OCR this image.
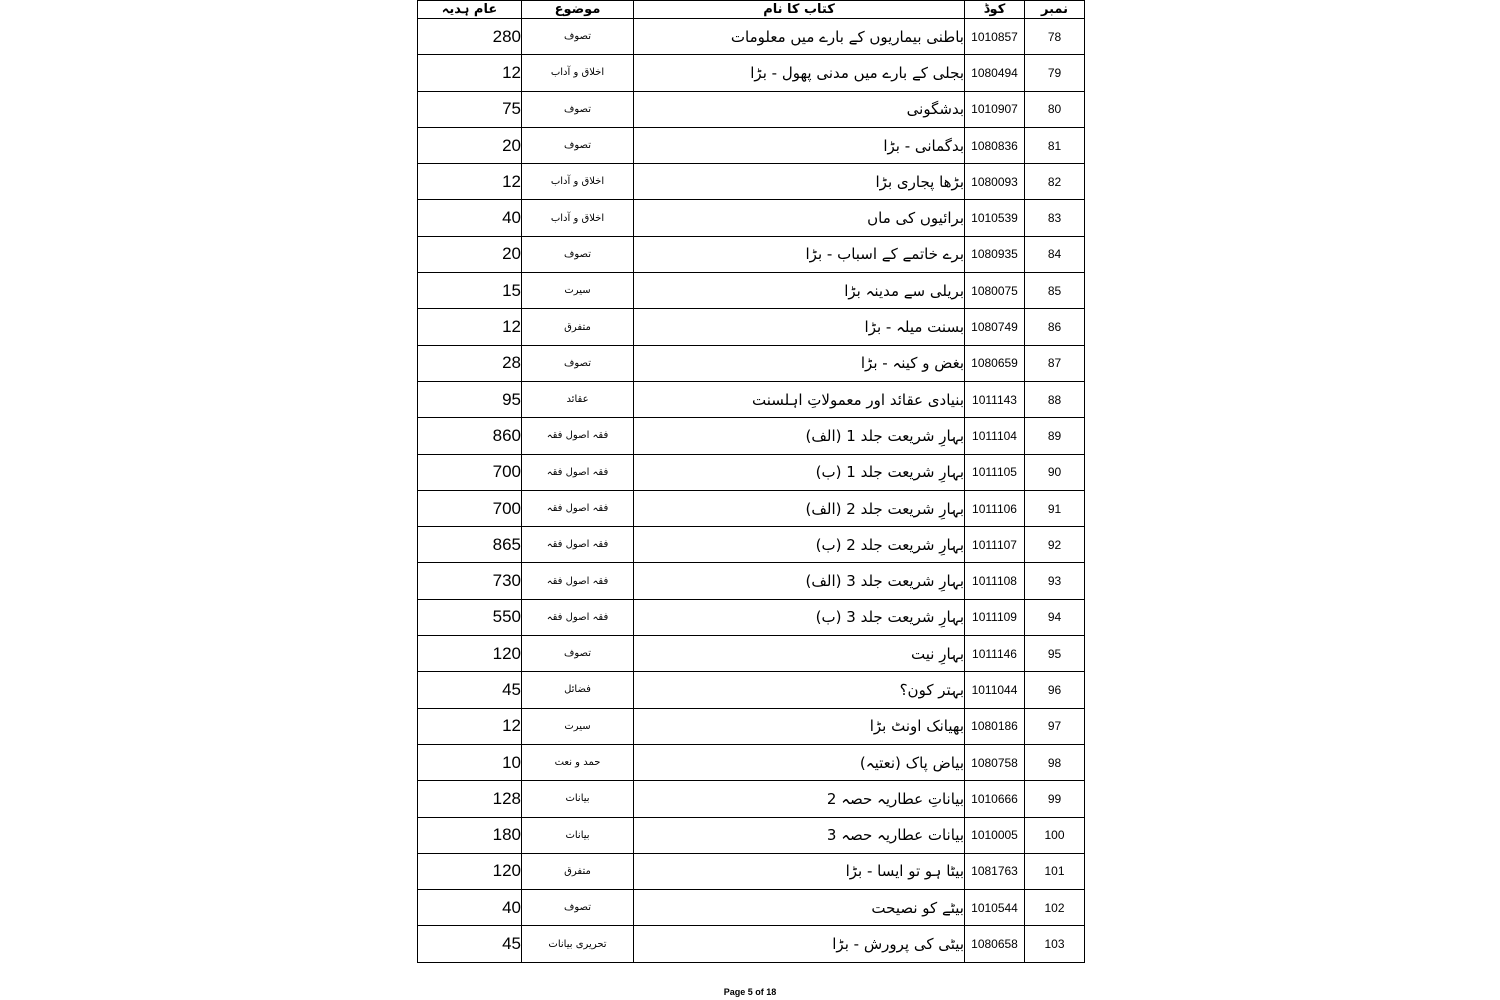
عام ہدیہ	موضوع	کتاب کا نام	کوڈ	نمبر
280	تصوف	باطنی بیماریوں کے بارے میں معلومات	1010857	78
12	اخلاق و آداب	بجلی کے بارے میں مدنی پھول - بڑا	1080494	79
75	تصوف	بدشگونی	1010907	80
20	تصوف	بدگمانی - بڑا	1080836	81
12	اخلاق و آداب	بڑھا پجاری بڑا	1080093	82
40	اخلاق و آداب	برائیوں کی ماں	1010539	83
20	تصوف	برے خاتمے کے اسباب - بڑا	1080935	84
15	سیرت	بریلی سے مدینہ بڑا	1080075	85
12	متفرق	بسنت میلہ - بڑا	1080749	86
28	تصوف	بغض و کینہ - بڑا	1080659	87
95	عقائد	بنیادی عقائد اور معمولاتِ اہلسنت	1011143	88
860	فقہ اصول فقہ	بہارِ شریعت جلد 1 (الف)	1011104	89
700	فقہ اصول فقہ	بہارِ شریعت جلد 1 (ب)	1011105	90
700	فقہ اصول فقہ	بہارِ شریعت جلد 2 (الف)	1011106	91
865	فقہ اصول فقہ	بہارِ شریعت جلد 2 (ب)	1011107	92
730	فقہ اصول فقہ	بہارِ شریعت جلد 3 (الف)	1011108	93
550	فقہ اصول فقہ	بہارِ شریعت جلد 3 (ب)	1011109	94
120	تصوف	بہارِ نیت	1011146	95
45	فضائل	بہتر کون؟	1011044	96
12	سیرت	بھیانک اونٹ بڑا	1080186	97
10	حمد و نعت	بیاض پاک (نعتیہ)	1080758	98
128	بیانات	بیاناتِ عطاریہ حصہ 2	1010666	99
180	بیانات	بیانات عطاریہ حصہ 3	1010005	100
120	متفرق	بیٹا ہو تو ایسا - بڑا	1081763	101
40	تصوف	بیٹے کو نصیحت	1010544	102
45	تحریری بیانات	بیٹی کی پرورش - بڑا	1080658	103
Page 5 of 18
